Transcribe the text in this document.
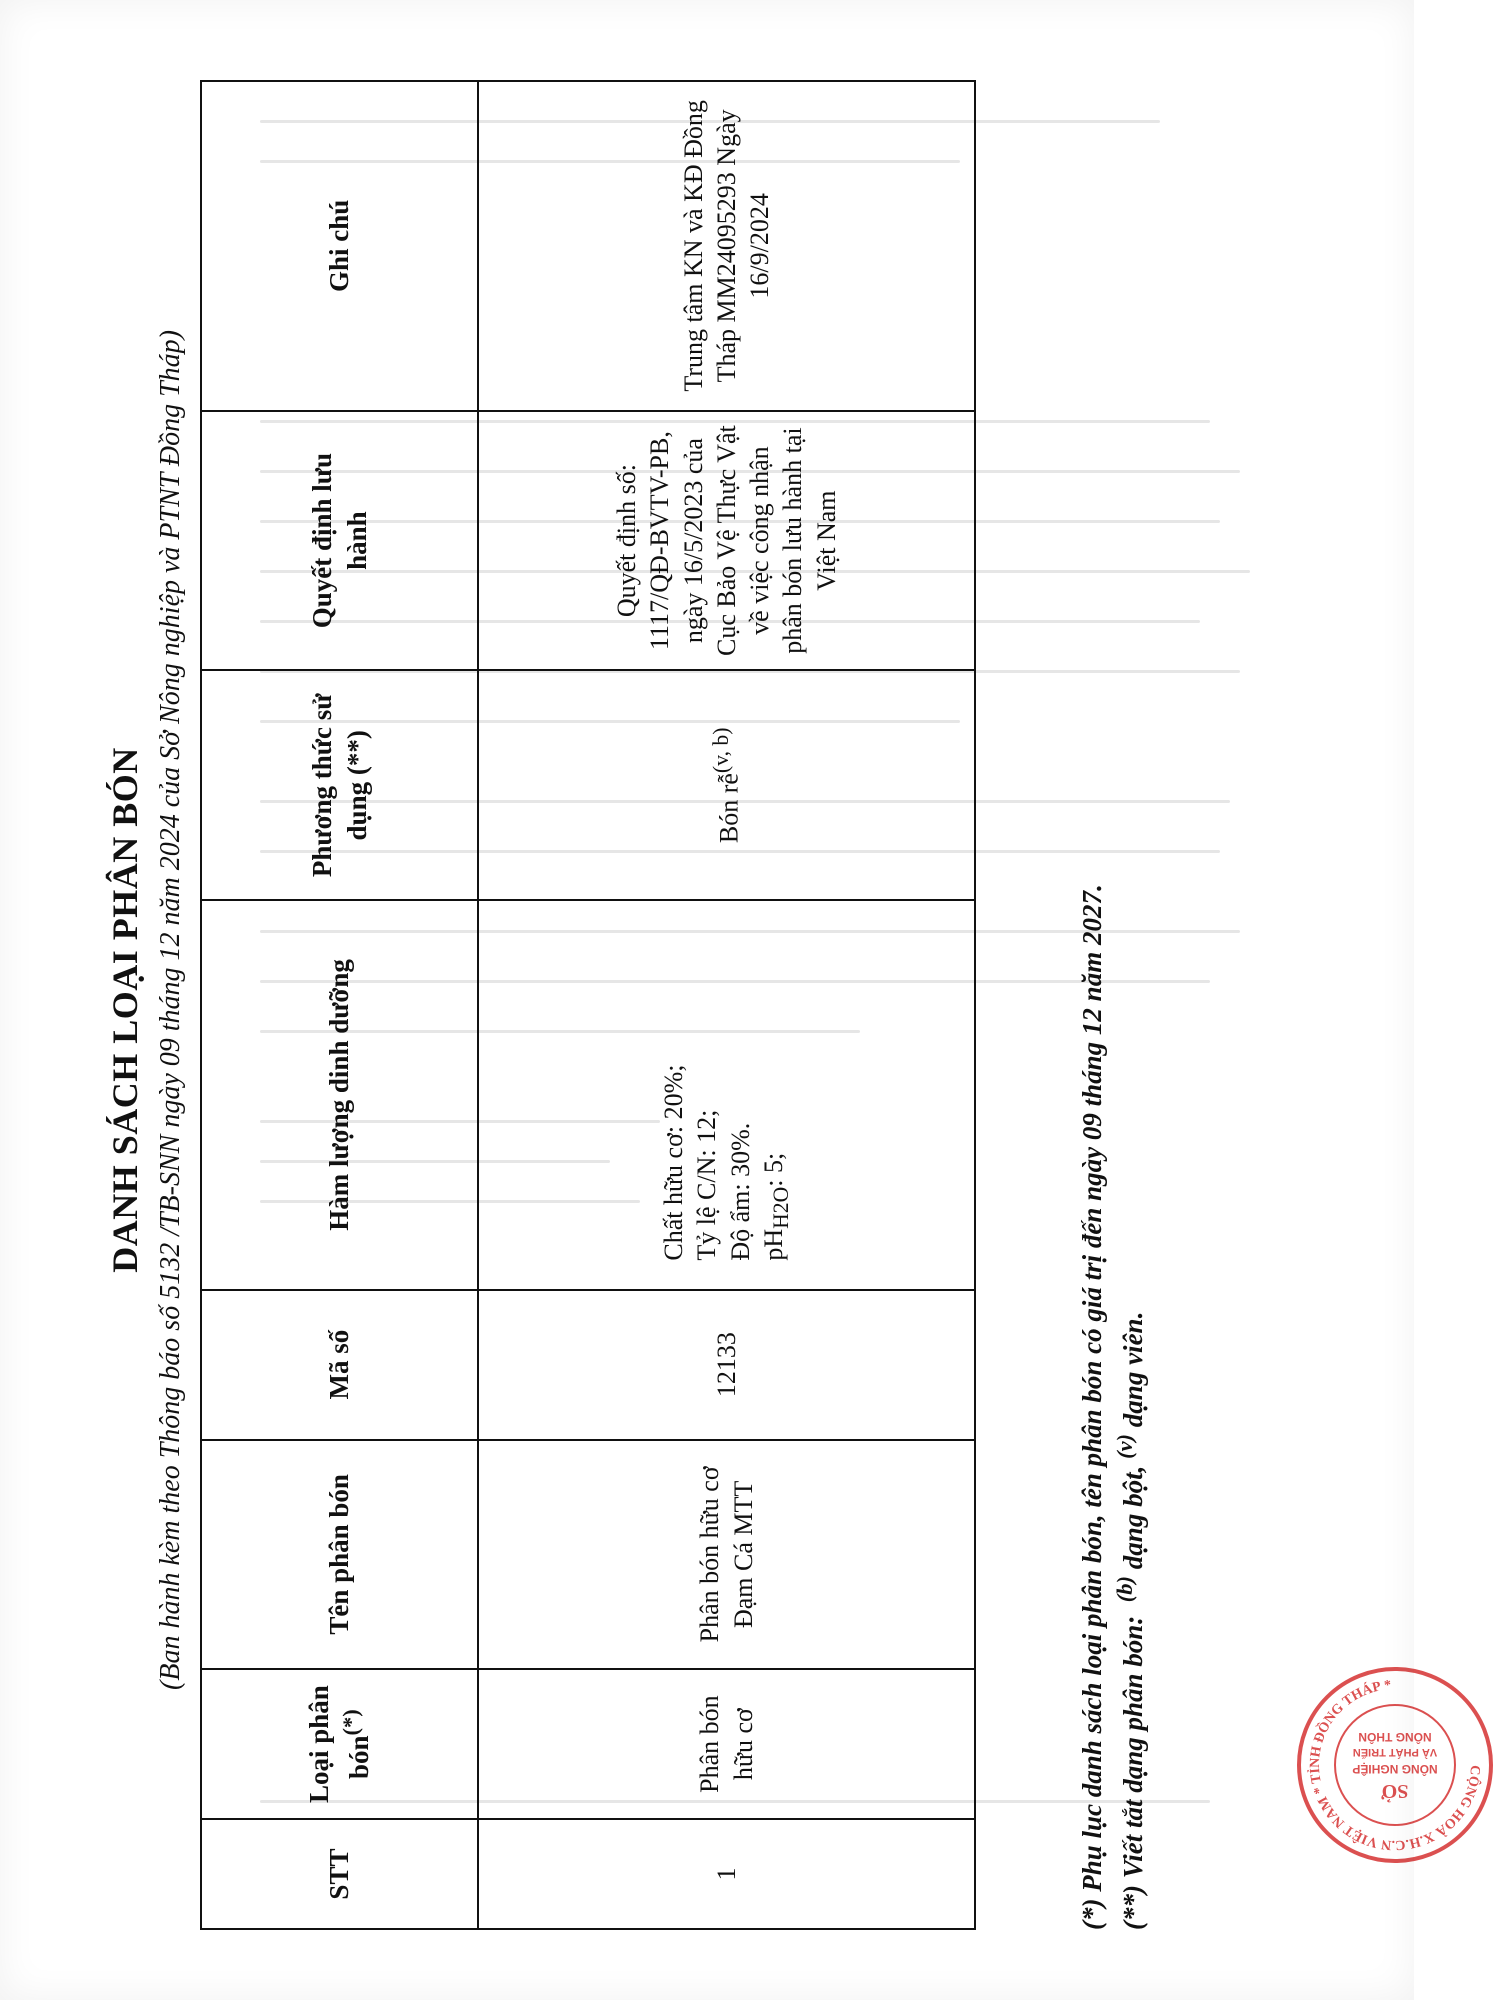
DANH SÁCH LOẠI PHÂN BÓN (Ban hành kèm theo Thông báo số 5132 /TB-SNN ngày 09 tháng 12 năm 2024 của Sở Nông nghiệp và PTNT Đồng Tháp)
STT	Loại phân bón(*)	Tên phân bón	Mã số	Hàm lượng dinh dưỡng	Phương thức sử dụng (**)	Quyết định lưu hành	Ghi chú
1	Phân bón hữu cơ	Phân bón hữu cơ Đạm Cá MTT	12133	Chất hữu cơ: 20%; Tỷ lệ C/N: 12; Độ ẩm: 30%. $pH_{H2O}$: 5;	Bón rễ$^{(v, b)}$	Quyết định số: 1117/QĐ-BVTV-PB, ngày 16/5/2023 của Cục Bảo Vệ Thực Vật về việc công nhận phân bón lưu hành tại Việt Nam	Trung tâm KN và KĐ Đồng Tháp MM24095293 Ngày 16/9/2024
(*) Phụ lục danh sách loại phân bón, tên phân bón có giá trị đến ngày 09 tháng 12 năm 2027. (**) Viết tắt dạng phân bón:  $^{(b)}$ dạng bột, $^{(v)}$ dạng viên.
CỘNG HOÀ X.H.C.N VIỆT NAM * TỈNH ĐỒNG THÁP *
SỞ
NÔNG NGHIỆP
VÀ PHÁT TRIỂN
NÔNG THÔN
